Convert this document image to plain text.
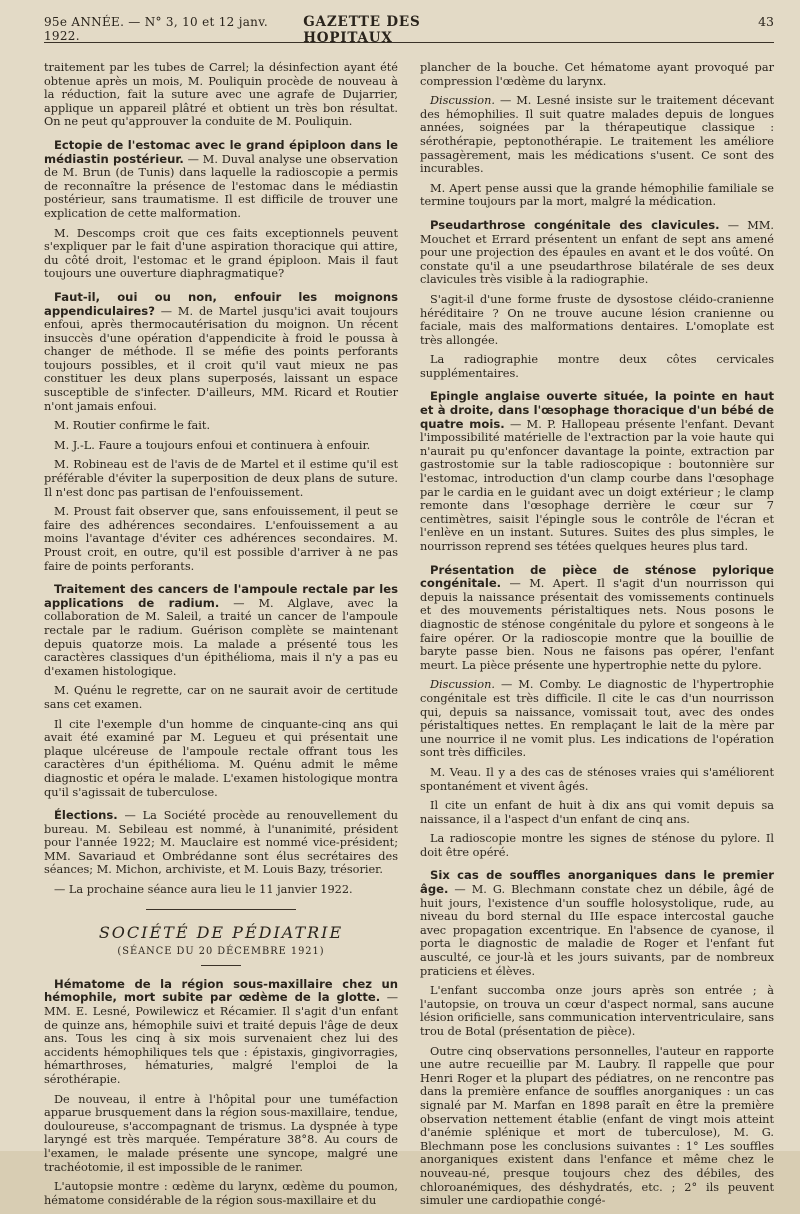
95e ANNÉE. — N° 3, 10 et 12 janv. 1922.
GAZETTE DES HOPITAUX
43

traitement par les tubes de Carrel; la désinfection ayant été obtenue après un mois, M. Pouliquin procède de nouveau à la réduction, fait la suture avec une agrafe de Dujarrier, applique un appareil plâtré et obtient un très bon résultat. On ne peut qu'approuver la conduite de M. Pouliquin.

Ectopie de l'estomac avec le grand épiploon dans le médiastin postérieur. — M. Duval analyse une observation de M. Brun (de Tunis) dans laquelle la radioscopie a permis de reconnaître la présence de l'estomac dans le médiastin postérieur, sans traumatisme. Il est difficile de trouver une explication de cette malformation.

M. Descomps croit que ces faits exceptionnels peuvent s'expliquer par le fait d'une aspiration thoracique qui attire, du côté droit, l'estomac et le grand épiploon. Mais il faut toujours une ouverture diaphragmatique?

Faut-il, oui ou non, enfouir les moignons appendiculaires? — M. de Martel jusqu'ici avait toujours enfoui, après thermocautérisation du moignon. Un récent insuccès d'une opération d'appendicite à froid le poussa à changer de méthode. Il se méfie des points perforants toujours possibles, et il croit qu'il vaut mieux ne pas constituer les deux plans superposés, laissant un espace susceptible de s'infecter. D'ailleurs, MM. Ricard et Routier n'ont jamais enfoui.

M. Routier confirme le fait.

M. J.-L. Faure a toujours enfoui et continuera à enfouir.

M. Robineau est de l'avis de de Martel et il estime qu'il est préférable d'éviter la superposition de deux plans de suture. Il n'est donc pas partisan de l'enfouissement.

M. Proust fait observer que, sans enfouissement, il peut se faire des adhérences secondaires. L'enfouissement a au moins l'avantage d'éviter ces adhérences secondaires. M. Proust croit, en outre, qu'il est possible d'arriver à ne pas faire de points perforants.

Traitement des cancers de l'ampoule rectale par les applications de radium. — M. Alglave, avec la collaboration de M. Saleil, a traité un cancer de l'ampoule rectale par le radium. Guérison complète se maintenant depuis quatorze mois. La malade a présenté tous les caractères classiques d'un épithélioma, mais il n'y a pas eu d'examen histologique.

M. Quénu le regrette, car on ne saurait avoir de certitude sans cet examen.

Il cite l'exemple d'un homme de cinquante-cinq ans qui avait été examiné par M. Legueu et qui présentait une plaque ulcéreuse de l'ampoule rectale offrant tous les caractères d'un épithélioma. M. Quénu admit le même diagnostic et opéra le malade. L'examen histologique montra qu'il s'agissait de tuberculose.

Élections. — La Société procède au renouvellement du bureau. M. Sebileau est nommé, à l'unanimité, président pour l'année 1922; M. Mauclaire est nommé vice-président; MM. Savariaud et Ombrédanne sont élus secrétaires des séances; M. Michon, archiviste, et M. Louis Bazy, trésorier.

— La prochaine séance aura lieu le 11 janvier 1922.

SOCIÉTÉ DE PÉDIATRIE

(SÉANCE DU 20 DÉCEMBRE 1921)

Hématome de la région sous-maxillaire chez un hémophile, mort subite par œdème de la glotte. — MM. E. Lesné, Powilewicz et Récamier. Il s'agit d'un enfant de quinze ans, hémophile suivi et traité depuis l'âge de deux ans. Tous les cinq à six mois survenaient chez lui des accidents hémophiliques tels que : épistaxis, gingivorragies, hémarthroses, hématuries, malgré l'emploi de la sérothérapie.

De nouveau, il entre à l'hôpital pour une tuméfaction apparue brusquement dans la région sous-maxillaire, tendue, douloureuse, s'accompagnant de trismus. La dyspnée à type laryngé est très marquée. Température 38°8. Au cours de l'examen, le malade présente une syncope, malgré une trachéotomie, il est impossible de le ranimer.

L'autopsie montre : œdème du larynx, œdème du poumon, hématome considérable de la région sous-maxillaire et du

plancher de la bouche. Cet hématome ayant provoqué par compression l'œdème du larynx.

Discussion. — M. Lesné insiste sur le traitement décevant des hémophilies. Il suit quatre malades depuis de longues années, soignées par la thérapeutique classique : sérothérapie, peptonothérapie. Le traitement les améliore passagèrement, mais les médications s'usent. Ce sont des incurables.

M. Apert pense aussi que la grande hémophilie familiale se termine toujours par la mort, malgré la médication.

Pseudarthrose congénitale des clavicules. — MM. Mouchet et Errard présentent un enfant de sept ans amené pour une projection des épaules en avant et le dos voûté. On constate qu'il a une pseudarthrose bilatérale de ses deux clavicules très visible à la radiographie.

S'agit-il d'une forme fruste de dysostose cléido-cranienne héréditaire ? On ne trouve aucune lésion cranienne ou faciale, mais des malformations dentaires. L'omoplate est très allongée.

La radiographie montre deux côtes cervicales supplémentaires.

Epingle anglaise ouverte située, la pointe en haut et à droite, dans l'œsophage thoracique d'un bébé de quatre mois. — M. P. Hallopeau présente l'enfant. Devant l'impossibilité matérielle de l'extraction par la voie haute qui n'aurait pu qu'enfoncer davantage la pointe, extraction par gastrostomie sur la table radioscopique : boutonnière sur l'estomac, introduction d'un clamp courbe dans l'œsophage par le cardia en le guidant avec un doigt extérieur ; le clamp remonte dans l'œsophage derrière le cœur sur 7 centimètres, saisit l'épingle sous le contrôle de l'écran et l'enlève en un instant. Sutures. Suites des plus simples, le nourrisson reprend ses tétées quelques heures plus tard.

Présentation de pièce de sténose pylorique congénitale. — M. Apert. Il s'agit d'un nourrisson qui depuis la naissance présentait des vomissements continuels et des mouvements péristaltiques nets. Nous posons le diagnostic de sténose congénitale du pylore et songeons à le faire opérer. Or la radioscopie montre que la bouillie de baryte passe bien. Nous ne faisons pas opérer, l'enfant meurt. La pièce présente une hypertrophie nette du pylore.

Discussion. — M. Comby. Le diagnostic de l'hypertrophie congénitale est très difficile. Il cite le cas d'un nourrisson qui, depuis sa naissance, vomissait tout, avec des ondes péristaltiques nettes. En remplaçant le lait de la mère par une nourrice il ne vomit plus. Les indications de l'opération sont très difficiles.

M. Veau. Il y a des cas de sténoses vraies qui s'améliorent spontanément et vivent âgés.

Il cite un enfant de huit à dix ans qui vomit depuis sa naissance, il a l'aspect d'un enfant de cinq ans.

La radioscopie montre les signes de sténose du pylore. Il doit être opéré.

Six cas de souffles anorganiques dans le premier âge. — M. G. Blechmann constate chez un débile, âgé de huit jours, l'existence d'un souffle holosystolique, rude, au niveau du bord sternal du IIIe espace intercostal gauche avec propagation excentrique. En l'absence de cyanose, il porta le diagnostic de maladie de Roger et l'enfant fut ausculté, ce jour-là et les jours suivants, par de nombreux praticiens et élèves.

L'enfant succomba onze jours après son entrée ; à l'autopsie, on trouva un cœur d'aspect normal, sans aucune lésion orificielle, sans communication interventriculaire, sans trou de Botal (présentation de pièce).

Outre cinq observations personnelles, l'auteur en rapporte une autre recueillie par M. Laubry. Il rappelle que pour Henri Roger et la plupart des pédiatres, on ne rencontre pas dans la première enfance de souffles anorganiques : un cas signalé par M. Marfan en 1898 paraît en être la première observation nettement établie (enfant de vingt mois atteint d'anémie splénique et mort de tuberculose), M. G. Blechmann pose les conclusions suivantes : 1° Les souffles anorganiques existent dans l'enfance et même chez le nouveau-né, presque toujours chez des débiles, des chloroanémiques, des déshydratés, etc. ; 2° ils peuvent simuler une cardiopathie congé-
